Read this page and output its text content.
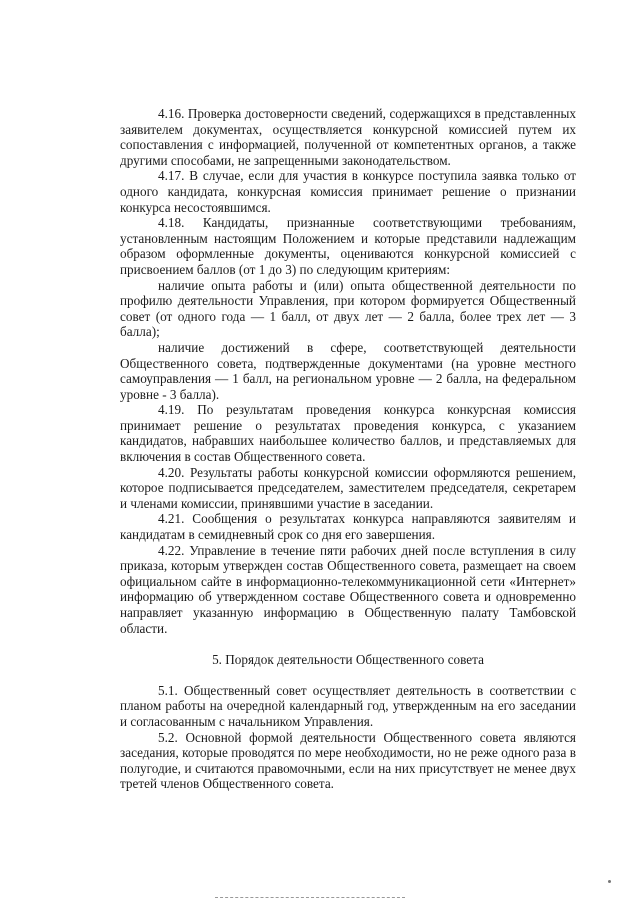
4.16. Проверка достоверности сведений, содержащихся в представленных заявителем документах, осуществляется конкурсной комиссией путем их сопоставления с информацией, полученной от компетентных органов, а также другими способами, не запрещенными законодательством.

4.17. В случае, если для участия в конкурсе поступила заявка только от одного кандидата, конкурсная комиссия принимает решение о признании конкурса несостоявшимся.

4.18. Кандидаты, признанные соответствующими требованиям, установленным настоящим Положением и которые представили надлежащим образом оформленные документы, оцениваются конкурсной комиссией с присвоением баллов (от 1 до 3) по следующим критериям:

наличие опыта работы и (или) опыта общественной деятельности по профилю деятельности Управления, при котором формируется Общественный совет (от одного года — 1 балл, от двух лет — 2 балла, более трех лет — 3 балла);

наличие достижений в сфере, соответствующей деятельности Общественного совета, подтвержденные документами (на уровне местного самоуправления — 1 балл, на региональном уровне — 2 балла, на федеральном уровне - 3 балла).

4.19. По результатам проведения конкурса конкурсная комиссия принимает решение о результатах проведения конкурса, с указанием кандидатов, набравших наибольшее количество баллов, и представляемых для включения в состав Общественного совета.

4.20. Результаты работы конкурсной комиссии оформляются решением, которое подписывается председателем, заместителем председателя, секретарем и членами комиссии, принявшими участие в заседании.

4.21. Сообщения о результатах конкурса направляются заявителям и кандидатам в семидневный срок со дня его завершения.

4.22. Управление в течение пяти рабочих дней после вступления в силу приказа, которым утвержден состав Общественного совета, размещает на своем официальном сайте в информационно-телекоммуникационной сети «Интернет» информацию об утвержденном составе Общественного совета и одновременно направляет указанную информацию в Общественную палату Тамбовской области.

5. Порядок деятельности Общественного совета

5.1. Общественный совет осуществляет деятельность в соответствии с планом работы на очередной календарный год, утвержденным на его заседании и согласованным с начальником Управления.

5.2. Основной формой деятельности Общественного совета являются заседания, которые проводятся по мере необходимости, но не реже одного раза в полугодие, и считаются правомочными, если на них присутствует не менее двух третей членов Общественного совета.
